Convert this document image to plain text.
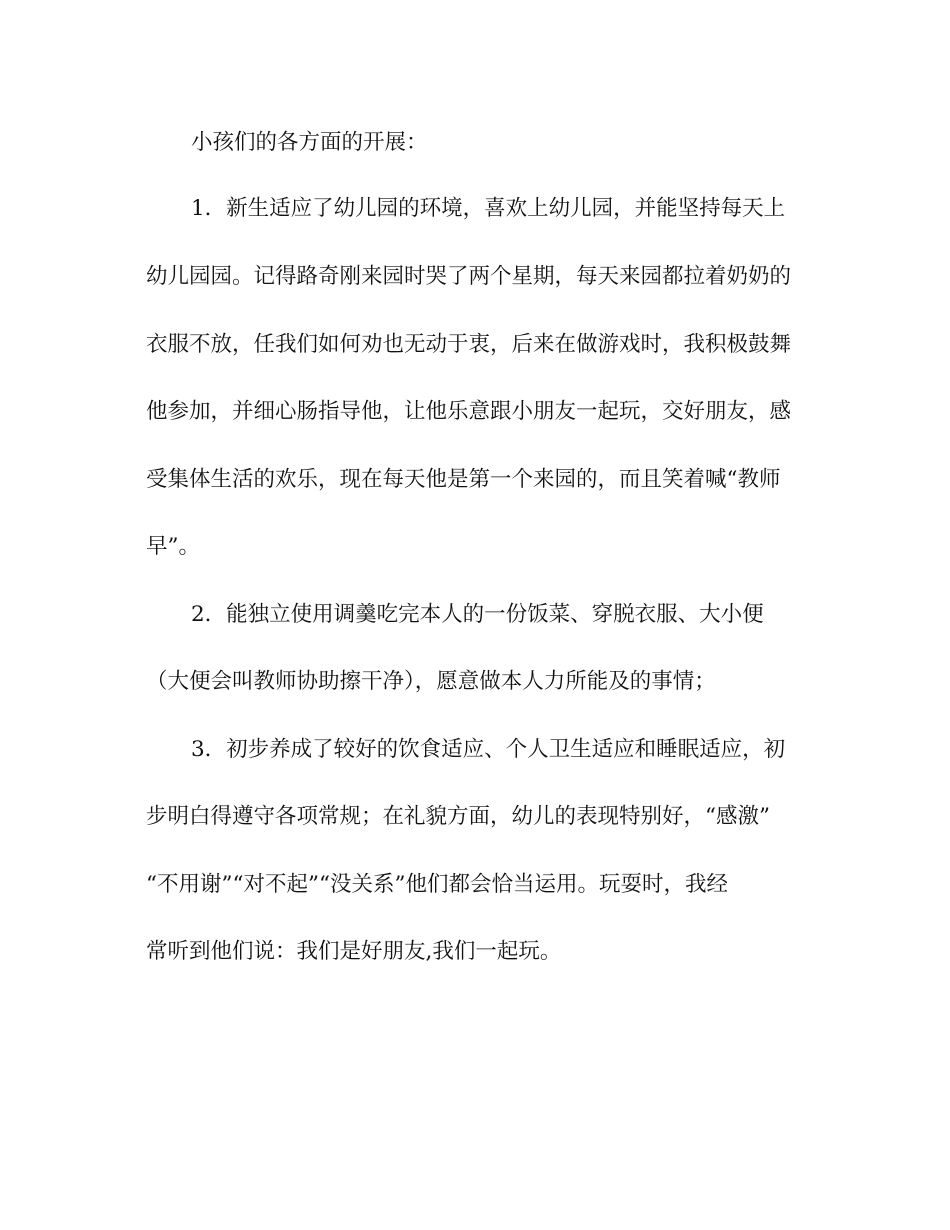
小孩们的各方面的开展：

1．新生适应了幼儿园的环境，喜欢上幼儿园，并能坚持每天上

幼儿园园。记得路奇刚来园时哭了两个星期，每天来园都拉着奶奶的

衣服不放，任我们如何劝也无动于衷，后来在做游戏时，我积极鼓舞

他参加，并细心肠指导他，让他乐意跟小朋友一起玩，交好朋友，感

受集体生活的欢乐，现在每天他是第一个来园的，而且笑着喊“教师

早”。

2．能独立使用调羹吃完本人的一份饭菜、穿脱衣服、大小便

（大便会叫教师协助擦干净），愿意做本人力所能及的事情；

3．初步养成了较好的饮食适应、个人卫生适应和睡眠适应，初

步明白得遵守各项常规；在礼貌方面，幼儿的表现特别好，“感激”

“不用谢”“对不起”“没关系”他们都会恰当运用。玩耍时，我经

常听到他们说：我们是好朋友,我们一起玩。
